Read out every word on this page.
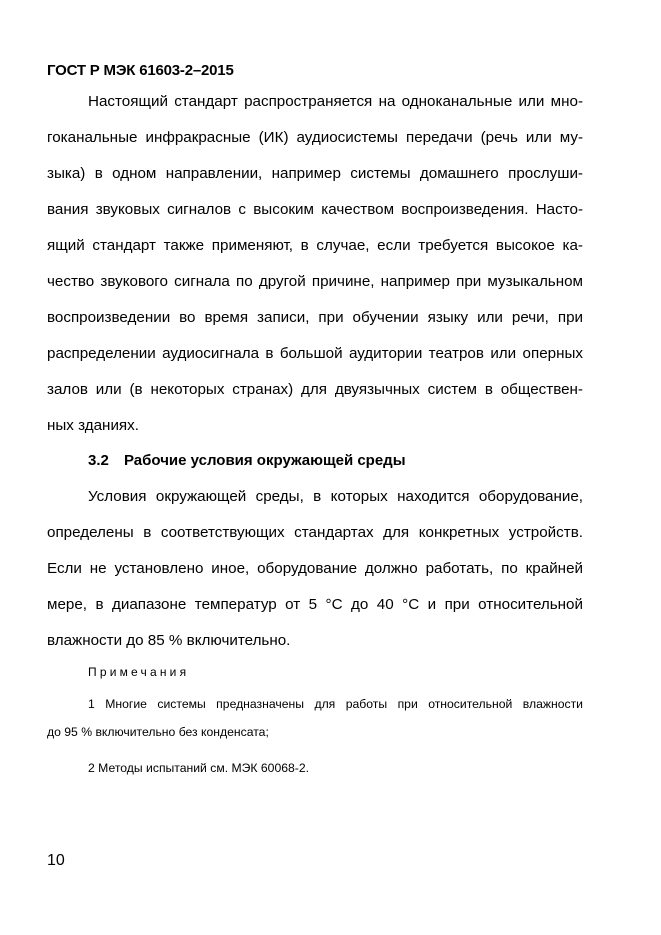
ГОСТ Р МЭК 61603-2–2015
Настоящий стандарт распространяется на одноканальные или мно-
гоканальные инфракрасные (ИК) аудиосистемы передачи (речь или му-
зыка) в одном направлении, например системы домашнего прослуши-
вания звуковых сигналов с высоким качеством воспроизведения. Насто-
ящий стандарт также применяют, в случае, если требуется высокое ка-
чество звукового сигнала по другой причине, например при музыкальном
воспроизведении во время записи, при обучении языку или речи, при
распределении аудиосигнала в большой аудитории театров или оперных
залов или (в некоторых странах) для двуязычных систем в обществен-
ных зданиях.
3.2 Рабочие условия окружающей среды
Условия окружающей среды, в которых находится оборудование,
определены в соответствующих стандартах для конкретных устройств.
Если не установлено иное, оборудование должно работать, по крайней
мере, в диапазоне температур от 5 °С до 40 °С и при относительной
влажности до 85 % включительно.
Примечания
1 Многие системы предназначены для работы при относительной влажности
до 95 % включительно без конденсата;
2 Методы испытаний см. МЭК 60068-2.
10
